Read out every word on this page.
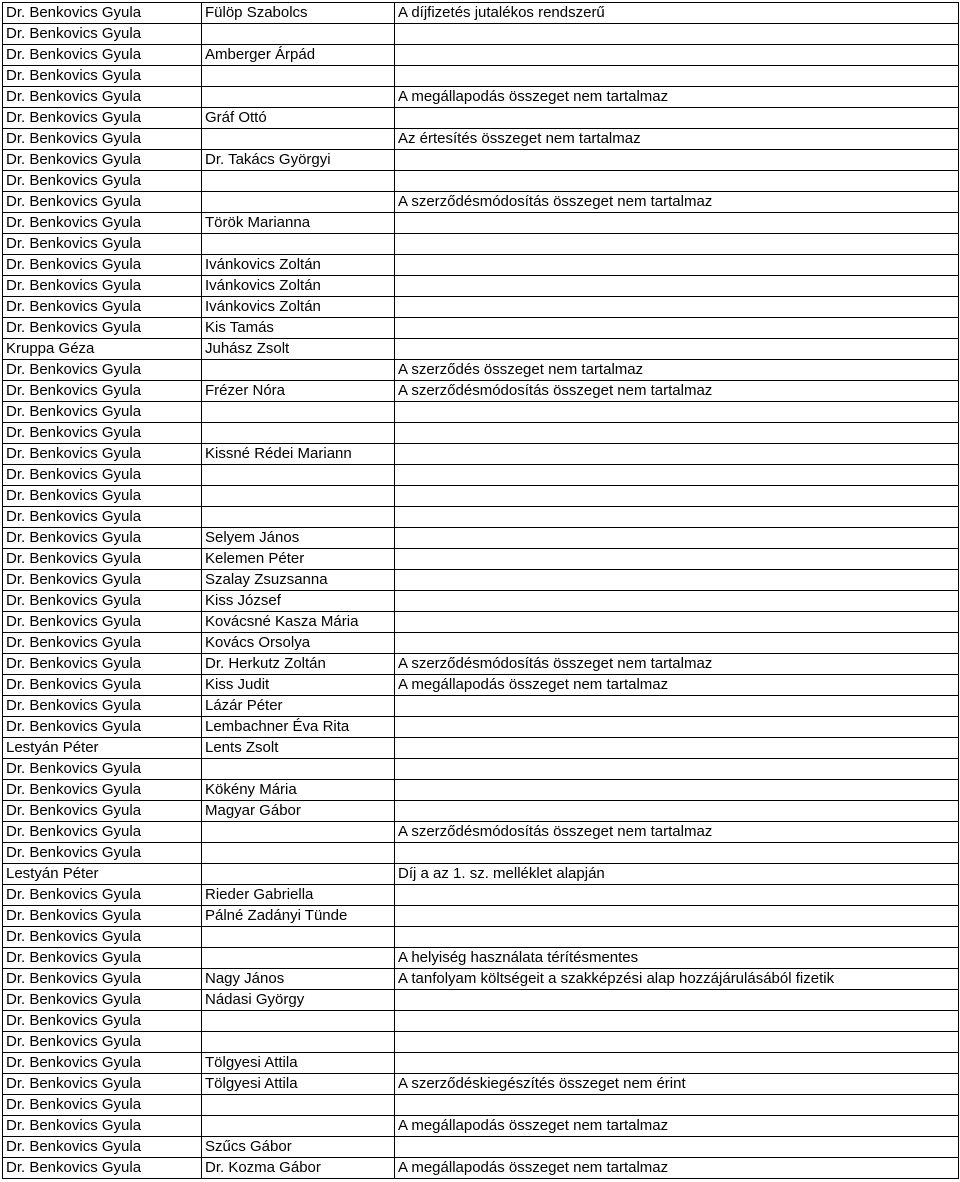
Dr. Benkovics Gyula	Fülöp Szabolcs	A díjfizetés jutalékos rendszerű
Dr. Benkovics Gyula		
Dr. Benkovics Gyula	Amberger Árpád	
Dr. Benkovics Gyula		
Dr. Benkovics Gyula		A megállapodás összeget nem tartalmaz
Dr. Benkovics Gyula	Gráf Ottó	
Dr. Benkovics Gyula		Az értesítés összeget nem tartalmaz
Dr. Benkovics Gyula	Dr. Takács Györgyi	
Dr. Benkovics Gyula		
Dr. Benkovics Gyula		A szerződésmódosítás összeget nem tartalmaz
Dr. Benkovics Gyula	Török Marianna	
Dr. Benkovics Gyula		
Dr. Benkovics Gyula	Ivánkovics Zoltán	
Dr. Benkovics Gyula	Ivánkovics Zoltán	
Dr. Benkovics Gyula	Ivánkovics Zoltán	
Dr. Benkovics Gyula	Kis Tamás	
Kruppa Géza	Juhász Zsolt	
Dr. Benkovics Gyula		A szerződés összeget nem tartalmaz
Dr. Benkovics Gyula	Frézer Nóra	A szerződésmódosítás összeget nem tartalmaz
Dr. Benkovics Gyula		
Dr. Benkovics Gyula		
Dr. Benkovics Gyula	Kissné Rédei Mariann	
Dr. Benkovics Gyula		
Dr. Benkovics Gyula		
Dr. Benkovics Gyula		
Dr. Benkovics Gyula	Selyem János	
Dr. Benkovics Gyula	Kelemen Péter	
Dr. Benkovics Gyula	Szalay Zsuzsanna	
Dr. Benkovics Gyula	Kiss József	
Dr. Benkovics Gyula	Kovácsné Kasza Mária	
Dr. Benkovics Gyula	Kovács Orsolya	
Dr. Benkovics Gyula	Dr. Herkutz Zoltán	A szerződésmódosítás összeget nem tartalmaz
Dr. Benkovics Gyula	Kiss Judit	A megállapodás összeget nem tartalmaz
Dr. Benkovics Gyula	Lázár Péter	
Dr. Benkovics Gyula	Lembachner Éva Rita	
Lestyán Péter	Lents Zsolt	
Dr. Benkovics Gyula		
Dr. Benkovics Gyula	Kökény Mária	
Dr. Benkovics Gyula	Magyar Gábor	
Dr. Benkovics Gyula		A szerződésmódosítás összeget nem tartalmaz
Dr. Benkovics Gyula		
Lestyán Péter		Díj a az 1. sz. melléklet alapján
Dr. Benkovics Gyula	Rieder Gabriella	
Dr. Benkovics Gyula	Pálné Zadányi Tünde	
Dr. Benkovics Gyula		
Dr. Benkovics Gyula		A helyiség használata térítésmentes
Dr. Benkovics Gyula	Nagy János	A tanfolyam költségeit a szakképzési alap hozzájárulásából fizetik
Dr. Benkovics Gyula	Nádasi György	
Dr. Benkovics Gyula		
Dr. Benkovics Gyula		
Dr. Benkovics Gyula	Tölgyesi Attila	
Dr. Benkovics Gyula	Tölgyesi Attila	A szerződéskiegészítés összeget nem érint
Dr. Benkovics Gyula		
Dr. Benkovics Gyula		A megállapodás összeget nem tartalmaz
Dr. Benkovics Gyula	Szűcs Gábor	
Dr. Benkovics Gyula	Dr. Kozma Gábor	A megállapodás összeget nem tartalmaz
